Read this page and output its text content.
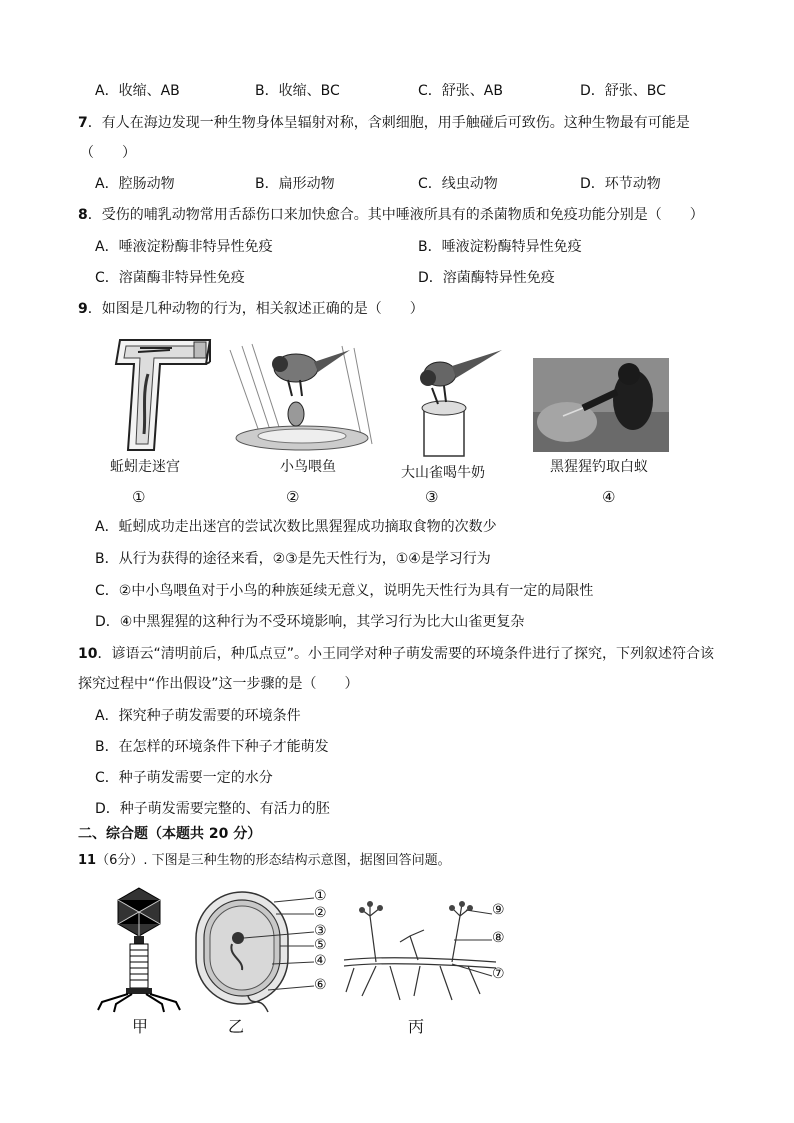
A．收缩、AB	B．收缩、BC	C．舒张、AB	D．舒张、BC
7．有人在海边发现一种生物身体呈辐射对称，含刺细胞，用手触碰后可致伤。这种生物最有可能是
（　　）
A．腔肠动物	B．扁形动物	C．线虫动物	D．环节动物
8．受伤的哺乳动物常用舌舔伤口来加快愈合。其中唾液所具有的杀菌物质和免疫功能分别是（　　）
A．唾液淀粉酶非特异性免疫	B．唾液淀粉酶特异性免疫
C．溶菌酶非特异性免疫	D．溶菌酶特异性免疫
9．如图是几种动物的行为，相关叙述正确的是（　　）
蚯蚓走迷宫
①
小鸟喂鱼
②
大山雀喝牛奶
③
黑猩猩钓取白蚁
④
A．蚯蚓成功走出迷宫的尝试次数比黑猩猩成功摘取食物的次数少
B．从行为获得的途径来看，②③是先天性行为，①④是学习行为
C．②中小鸟喂鱼对于小鸟的种族延续无意义，说明先天性行为具有一定的局限性
D．④中黑猩猩的这种行为不受环境影响，其学习行为比大山雀更复杂
10．谚语云“清明前后，种瓜点豆”。小王同学对种子萌发需要的环境条件进行了探究，下列叙述符合该
探究过程中“作出假设”这一步骤的是（　　）
A．探究种子萌发需要的环境条件
B．在怎样的环境条件下种子才能萌发
C．种子萌发需要一定的水分
D．种子萌发需要完整的、有活力的胚
二、综合题（本题共 20 分）
11（6分）. 下图是三种生物的形态结构示意图，据图回答问题。
①
②
③
⑤
④
⑥
⑨
⑧
⑦
甲	乙	丙
